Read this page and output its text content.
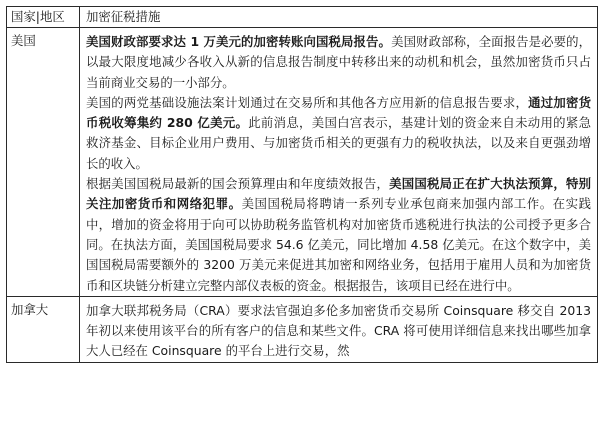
国家|地区	加密征税措施
美国	美国财政部要求达 1 万美元的加密转账向国税局报告。美国财政部称，全面报告是必要的，以最大限度地减少各收入从新的信息报告制度中转移出来的动机和机会，虽然加密货币只占当前商业交易的一小部分。

美国的两党基础设施法案计划通过在交易所和其他各方应用新的信息报告要求，通过加密货币税收筹集约 280 亿美元。此前消息，美国白宫表示，基建计划的资金来自未动用的紧急救济基金、目标企业用户费用、与加密货币相关的更强有力的税收执法，以及来自更强劲增长的收入。

根据美国国税局最新的国会预算理由和年度绩效报告，美国国税局正在扩大执法预算，特别关注加密货币和网络犯罪。美国国税局将聘请一系列专业承包商来加强内部工作。在实践中，增加的资金将用于向可以协助税务监管机构对加密货币逃税进行执法的公司授予更多合同。在执法方面，美国国税局要求 54.6 亿美元，同比增加 4.58 亿美元。在这个数字中，美国国税局需要额外的 3200 万美元来促进其加密和网络业务，包括用于雇用人员和为加密货币和区块链分析建立完整内部仪表板的资金。根据报告，该项目已经在进行中。

加拿大	加拿大联邦税务局（CRA）要求法官强迫多伦多加密货币交易所 Coinsquare 移交自 2013 年初以来使用该平台的所有客户的信息和某些文件。CRA 将可使用详细信息来找出哪些加拿大人已经在 Coinsquare 的平台上进行交易，然
